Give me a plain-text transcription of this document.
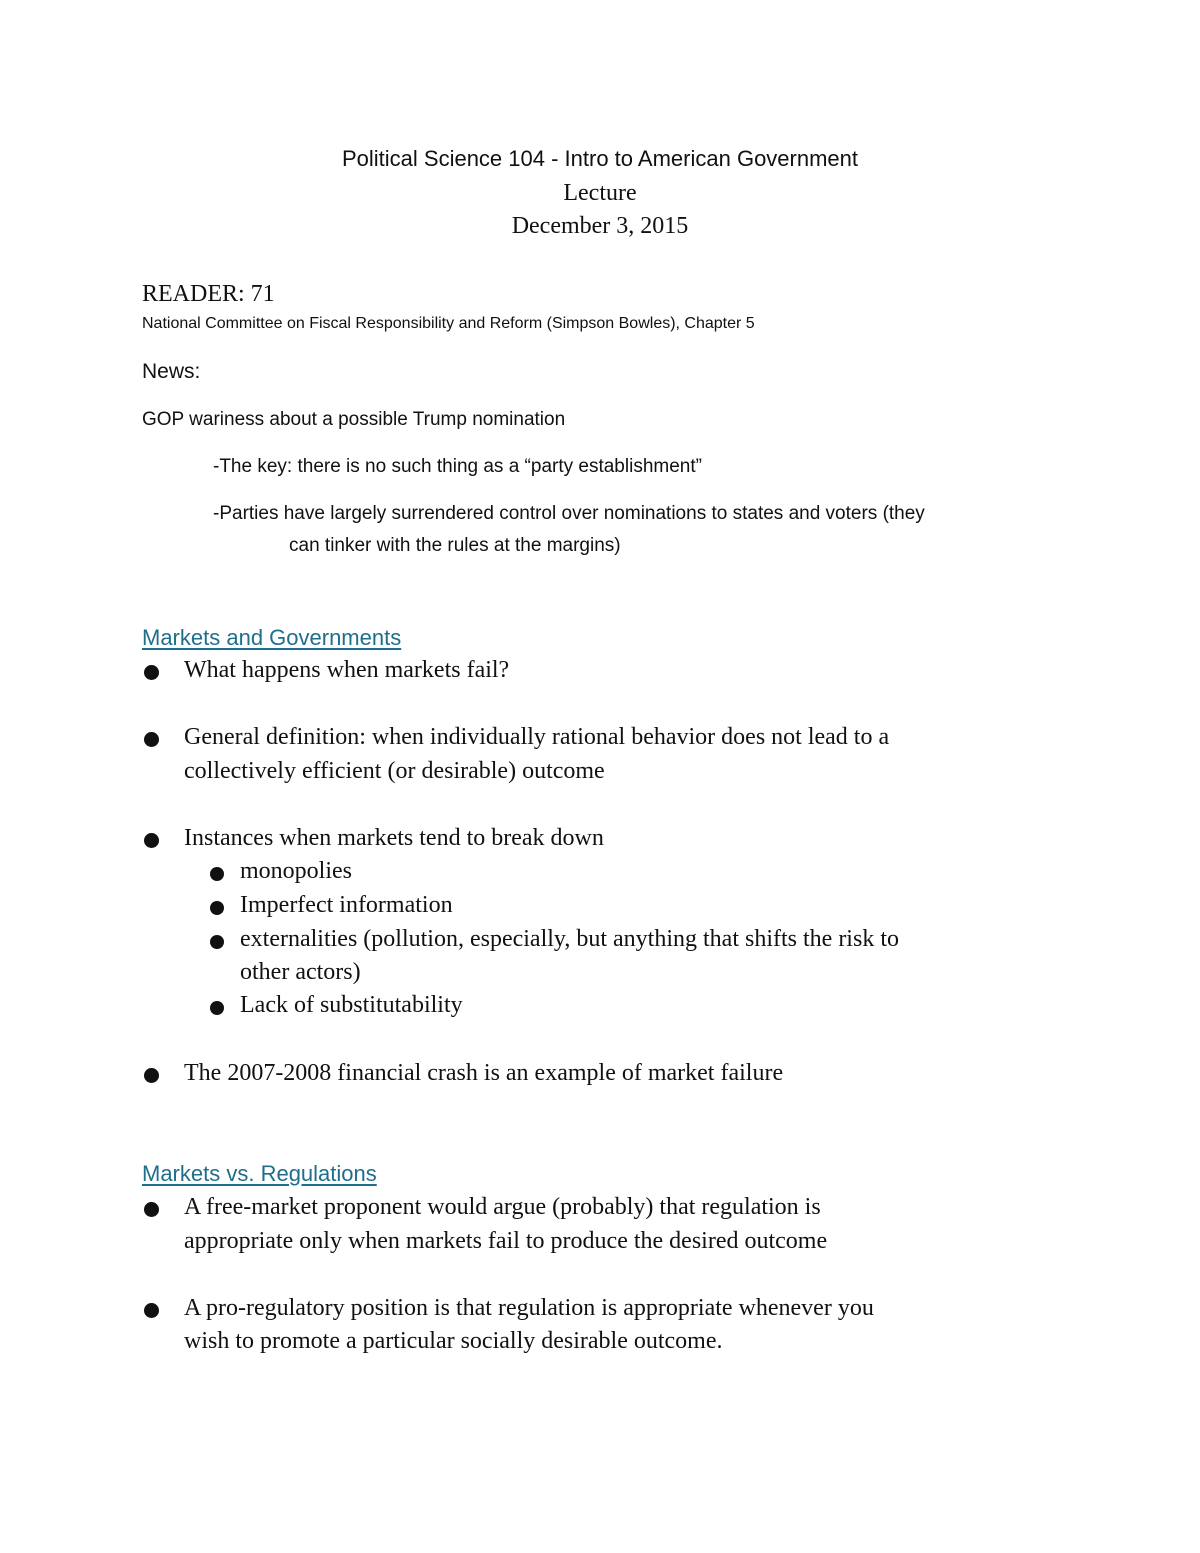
Political Science 104 - Intro to American Government
Lecture
December 3, 2015
READER: 71
National Committee on Fiscal Responsibility and Reform (Simpson Bowles), Chapter 5
News:
GOP wariness about a possible Trump nomination
-The key: there is no such thing as a “party establishment”
-Parties have largely surrendered control over nominations to states and voters (they
can tinker with the rules at the margins)
Markets and Governments
What happens when markets fail?
General definition: when individually rational behavior does not lead to a
collectively efficient (or desirable) outcome
Instances when markets tend to break down
monopolies
Imperfect information
externalities (pollution, especially, but anything that shifts the risk to
other actors)
Lack of substitutability
The 2007-2008 financial crash is an example of market failure
Markets vs. Regulations
A free-market proponent would argue (probably) that regulation is
appropriate only when markets fail to produce the desired outcome
A pro-regulatory position is that regulation is appropriate whenever you
wish to promote a particular socially desirable outcome.
